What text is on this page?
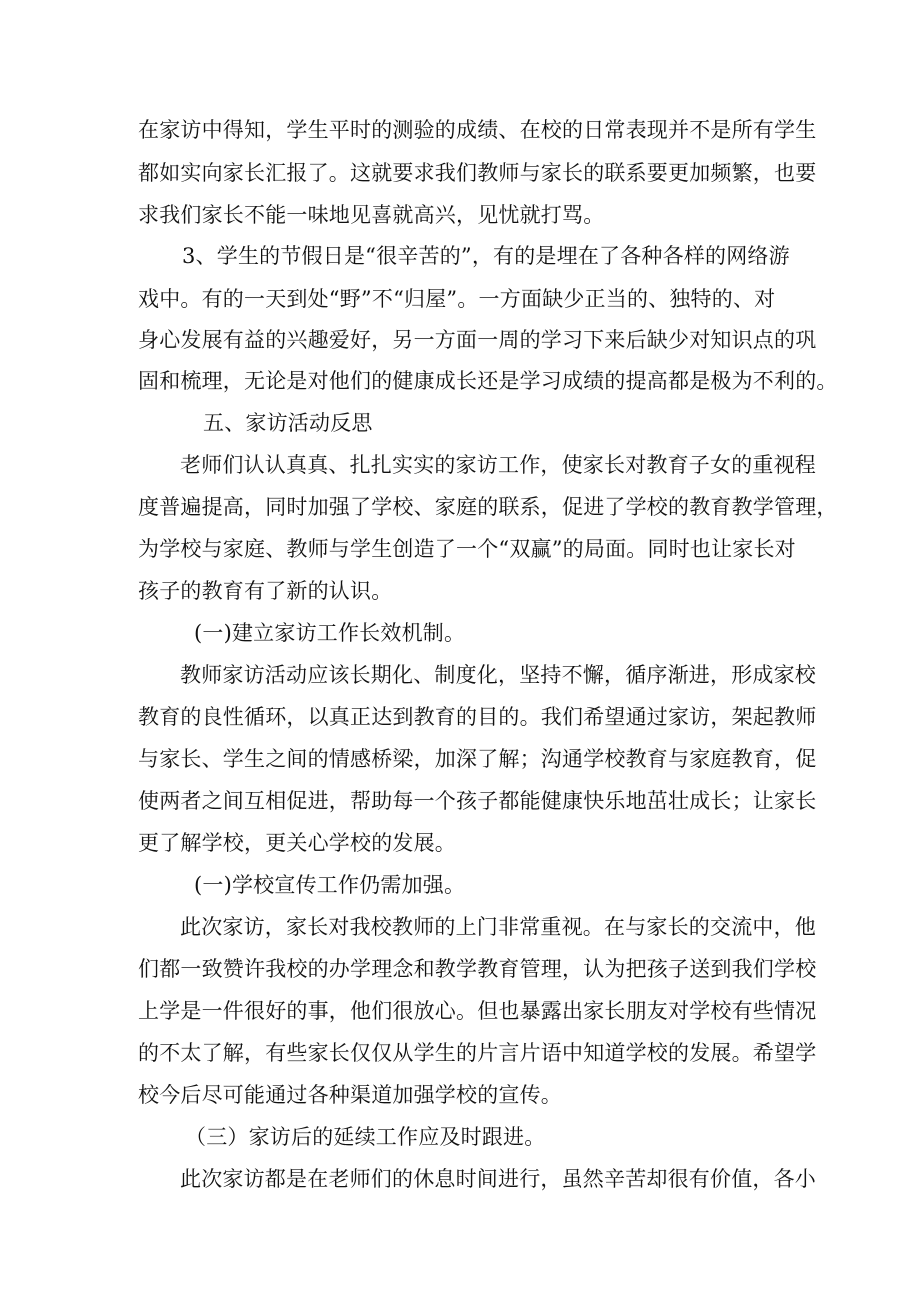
在家访中得知，学生平时的测验的成绩、在校的日常表现并不是所有学生
都如实向家长汇报了。这就要求我们教师与家长的联系要更加频繁，也要
求我们家长不能一味地见喜就高兴，见忧就打骂。
3、学生的节假日是“很辛苦的”，有的是埋在了各种各样的网络游
戏中。有的一天到处“野”不“归屋”。一方面缺少正当的、独特的、对
身心发展有益的兴趣爱好，另一方面一周的学习下来后缺少对知识点的巩
固和梳理，无论是对他们的健康成长还是学习成绩的提高都是极为不利的。
五、家访活动反思
老师们认认真真、扎扎实实的家访工作，使家长对教育子女的重视程
度普遍提高，同时加强了学校、家庭的联系，促进了学校的教育教学管理，
为学校与家庭、教师与学生创造了一个“双赢”的局面。同时也让家长对
孩子的教育有了新的认识。
(一)建立家访工作长效机制。
教师家访活动应该长期化、制度化，坚持不懈，循序渐进，形成家校
教育的良性循环，以真正达到教育的目的。我们希望通过家访，架起教师
与家长、学生之间的情感桥梁，加深了解；沟通学校教育与家庭教育，促
使两者之间互相促进，帮助每一个孩子都能健康快乐地茁壮成长；让家长
更了解学校，更关心学校的发展。
(一)学校宣传工作仍需加强。
此次家访，家长对我校教师的上门非常重视。在与家长的交流中，他
们都一致赞许我校的办学理念和教学教育管理，认为把孩子送到我们学校
上学是一件很好的事，他们很放心。但也暴露出家长朋友对学校有些情况
的不太了解，有些家长仅仅从学生的片言片语中知道学校的发展。希望学
校今后尽可能通过各种渠道加强学校的宣传。
（三）家访后的延续工作应及时跟进。
此次家访都是在老师们的休息时间进行，虽然辛苦却很有价值，各小
